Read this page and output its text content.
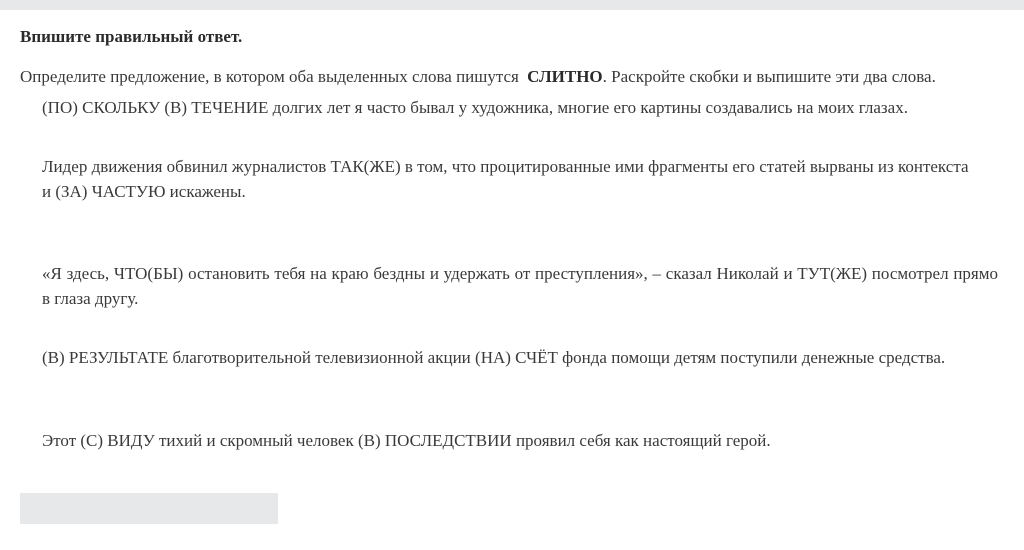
Впишите правильный ответ.
Определите предложение, в котором оба выделенных слова пишутся СЛИТНО. Раскройте скобки и выпишите эти два слова.
(ПО) СКОЛЬКУ (В) ТЕЧЕНИЕ долгих лет я часто бывал у художника, многие его картины создавались на моих глазах.
Лидер движения обвинил журналистов ТАК(ЖЕ) в том, что процитированные ими фрагменты его статей вырваны из контекста
и (ЗА) ЧАСТУЮ искажены.
«Я здесь, ЧТО(БЫ) остановить тебя на краю бездны и удержать от преступления», – сказал Николай и ТУТ(ЖЕ) посмотрел прямо в глаза другу.
(В) РЕЗУЛЬТАТЕ благотворительной телевизионной акции (НА) СЧЁТ фонда помощи детям поступили денежные средства.
Этот (С) ВИДУ тихий и скромный человек (В) ПОСЛЕДСТВИИ проявил себя как настоящий герой.
